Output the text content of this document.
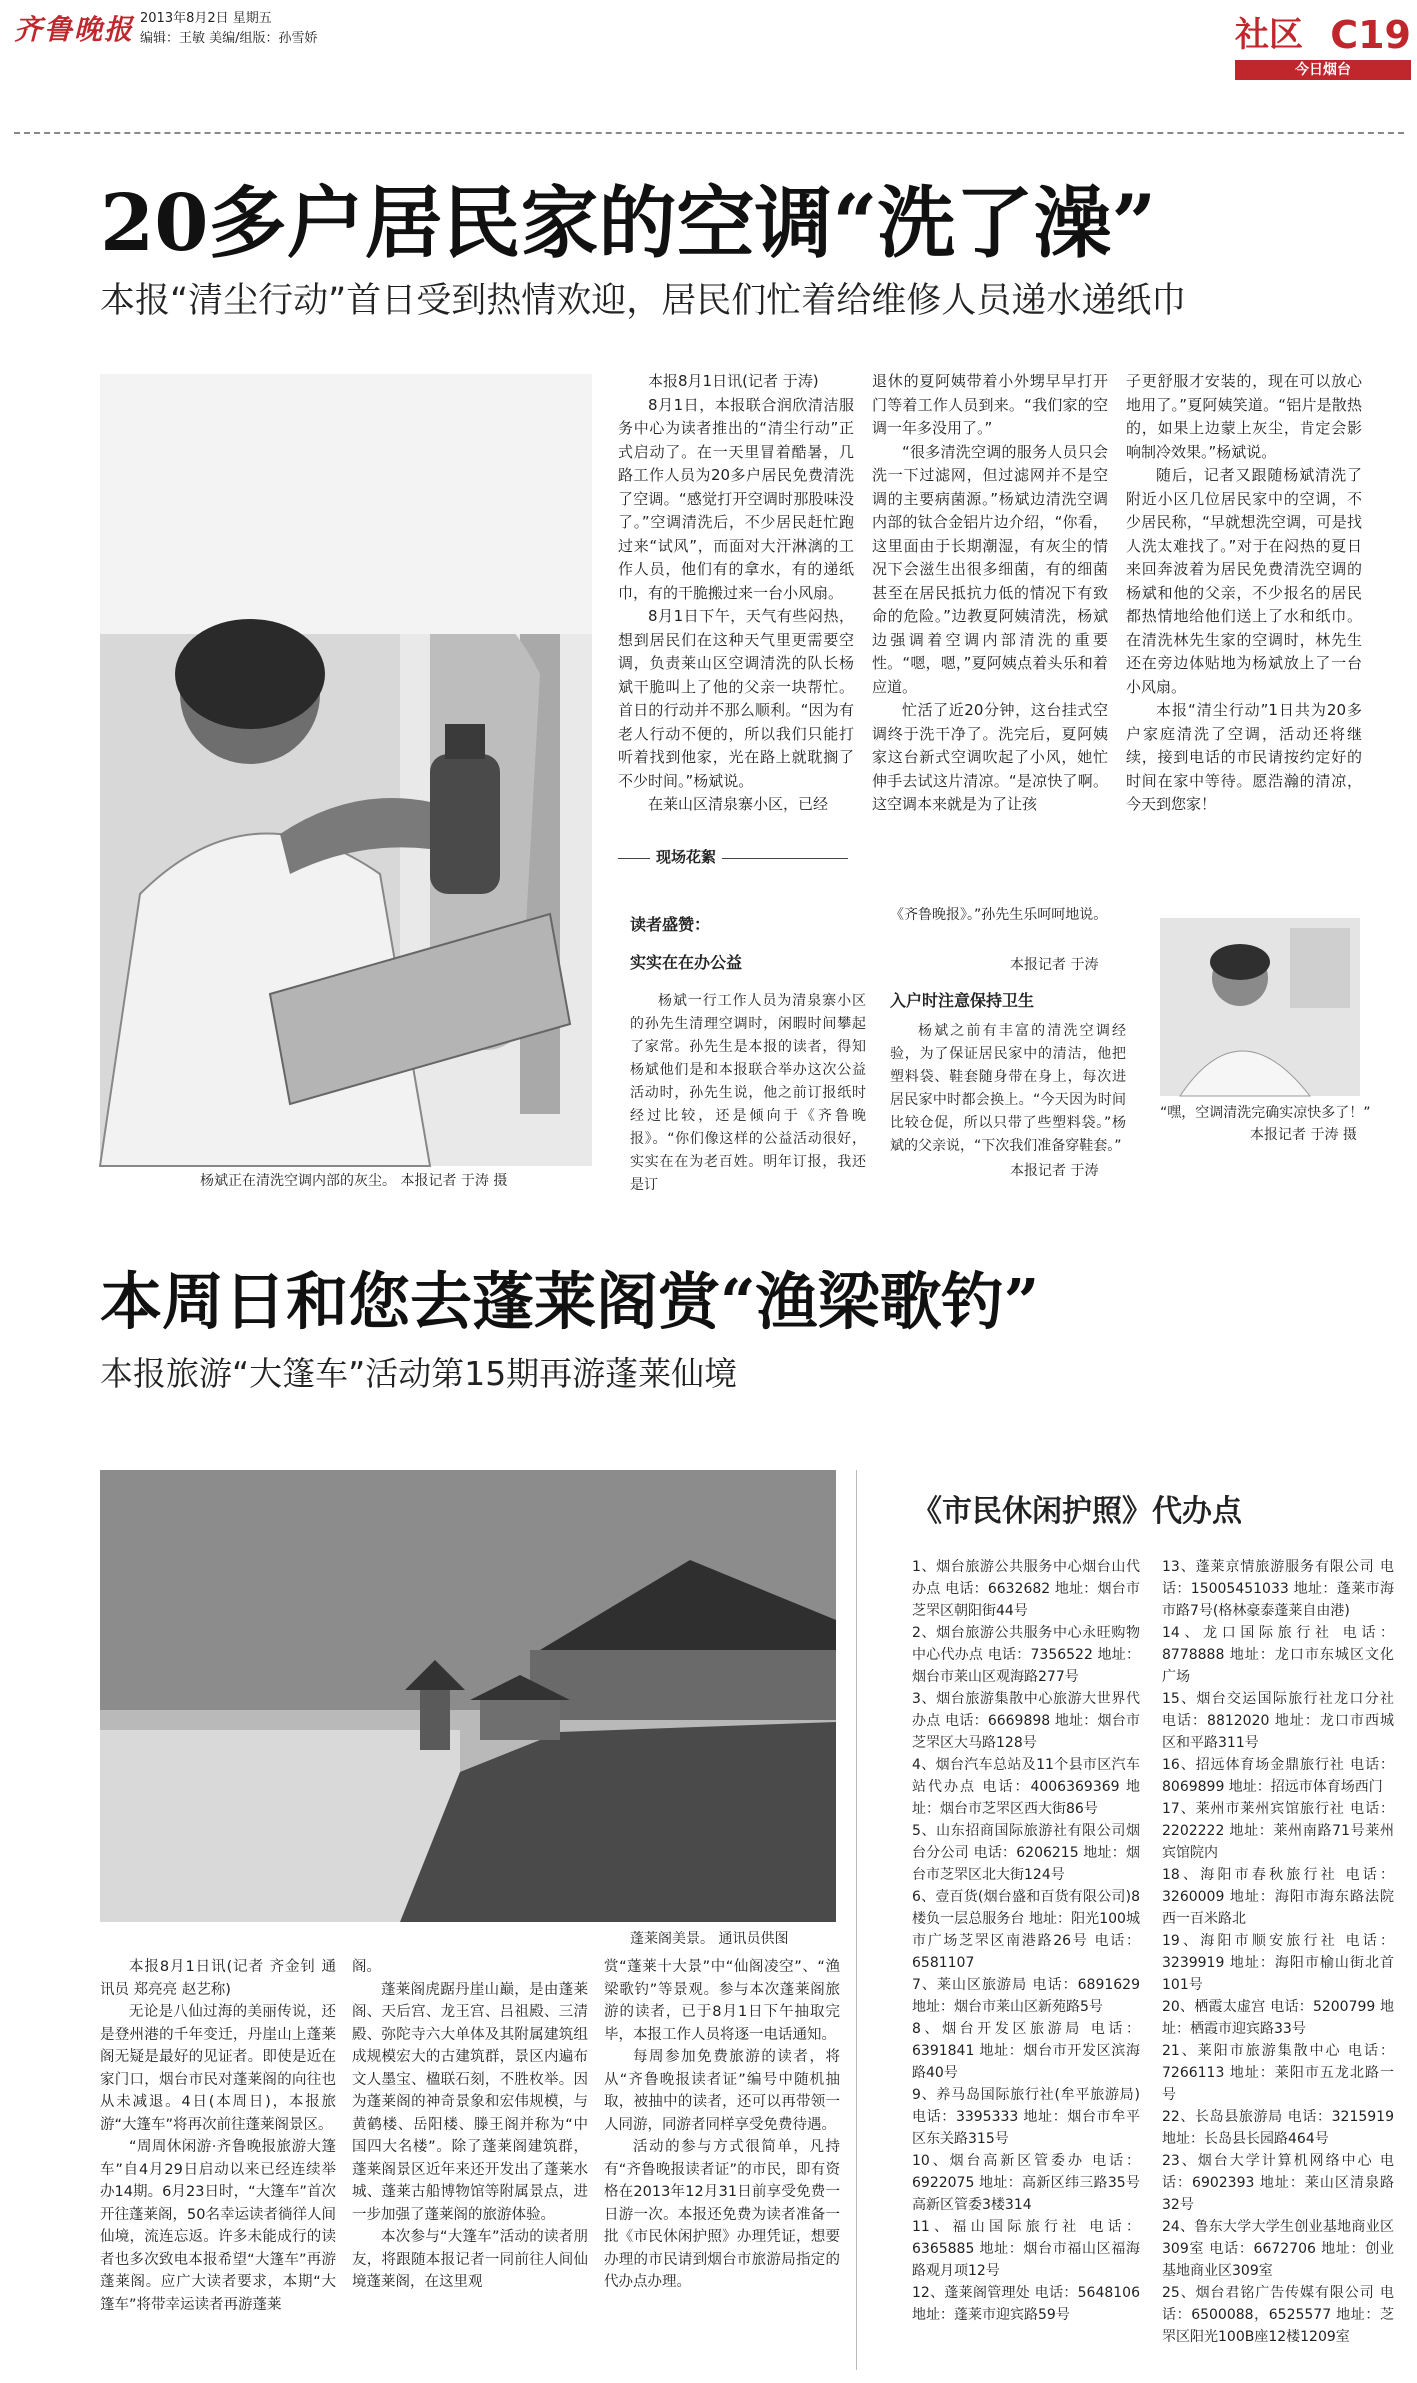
齐鲁晚报 2013年8月2日 星期五
编辑：王敏 美编/组版：孙雪娇	社区 C19
今日烟台
20多户居民家的空调“洗了澡”
本报“清尘行动”首日受到热情欢迎，居民们忙着给维修人员递水递纸巾
杨斌正在清洗空调内部的灰尘。 本报记者 于涛 摄

本报8月1日讯(记者 于涛)

8月1日，本报联合润欣清洁服务中心为读者推出的“清尘行动”正式启动了。在一天里冒着酷暑，几路工作人员为20多户居民免费清洗了空调。“感觉打开空调时那股味没了。”空调清洗后，不少居民赶忙跑过来“试风”，而面对大汗淋漓的工作人员，他们有的拿水，有的递纸巾，有的干脆搬过来一台小风扇。

8月1日下午，天气有些闷热，想到居民们在这种天气里更需要空调，负责莱山区空调清洗的队长杨斌干脆叫上了他的父亲一块帮忙。首日的行动并不那么顺利。“因为有老人行动不便的，所以我们只能打听着找到他家，光在路上就耽搁了不少时间。”杨斌说。

在莱山区清泉寨小区，已经

退休的夏阿姨带着小外甥早早打开门等着工作人员到来。“我们家的空调一年多没用了。”

“很多清洗空调的服务人员只会洗一下过滤网，但过滤网并不是空调的主要病菌源。”杨斌边清洗空调内部的钛合金铝片边介绍，“你看，这里面由于长期潮湿，有灰尘的情况下会滋生出很多细菌，有的细菌甚至在居民抵抗力低的情况下有致命的危险。”边教夏阿姨清洗，杨斌边强调着空调内部清洗的重要性。“嗯，嗯，”夏阿姨点着头乐和着应道。

忙活了近20分钟，这台挂式空调终于洗干净了。洗完后，夏阿姨家这台新式空调吹起了小风，她忙伸手去试这片清凉。“是凉快了啊。这空调本来就是为了让孩

子更舒服才安装的，现在可以放心地用了。”夏阿姨笑道。“铝片是散热的，如果上边蒙上灰尘，肯定会影响制冷效果。”杨斌说。

随后，记者又跟随杨斌清洗了附近小区几位居民家中的空调，不少居民称，“早就想洗空调，可是找人洗太难找了。”对于在闷热的夏日来回奔波着为居民免费清洗空调的杨斌和他的父亲，不少报名的居民都热情地给他们送上了水和纸巾。在清洗林先生家的空调时，林先生还在旁边体贴地为杨斌放上了一台小风扇。

本报“清尘行动”1日共为20多户家庭清洗了空调，活动还将继续，接到电话的市民请按约定好的时间在家中等待。愿浩瀚的清凉，今天到您家！

现场花絮
读者盛赞：
实实在在办公益

杨斌一行工作人员为清泉寨小区的孙先生清理空调时，闲暇时间攀起了家常。孙先生是本报的读者，得知杨斌他们是和本报联合举办这次公益活动时，孙先生说，他之前订报纸时经过比较，还是倾向于《齐鲁晚报》。“你们像这样的公益活动很好，实实在在为老百姓。明年订报，我还是订

《齐鲁晚报》。”孙先生乐呵呵地说。

本报记者 于涛
入户时注意保持卫生

杨斌之前有丰富的清洗空调经验，为了保证居民家中的清洁，他把塑料袋、鞋套随身带在身上，每次进居民家中时都会换上。“今天因为时间比较仓促，所以只带了些塑料袋。”杨斌的父亲说，“下次我们准备穿鞋套。”

本报记者 于涛
“嘿，空调清洗完确实凉快多了！”
本报记者 于涛 摄
本周日和您去蓬莱阁赏“渔梁歌钓”
本报旅游“大篷车”活动第15期再游蓬莱仙境
蓬莱阁美景。 通讯员供图

本报8月1日讯(记者 齐金钊 通讯员 郑亮亮 赵艺称)

无论是八仙过海的美丽传说，还是登州港的千年变迁，丹崖山上蓬莱阁无疑是最好的见证者。即使是近在家门口，烟台市民对蓬莱阁的向往也从未减退。4日(本周日)，本报旅游“大篷车”将再次前往蓬莱阁景区。

“周周休闲游·齐鲁晚报旅游大篷车”自4月29日启动以来已经连续举办14期。6月23日时，“大篷车”首次开往蓬莱阁，50名幸运读者徜徉人间仙境，流连忘返。许多未能成行的读者也多次致电本报希望“大篷车”再游蓬莱阁。应广大读者要求，本期“大篷车”将带幸运读者再游蓬莱

阁。

蓬莱阁虎踞丹崖山巅，是由蓬莱阁、天后宫、龙王宫、吕祖殿、三清殿、弥陀寺六大单体及其附属建筑组成规模宏大的古建筑群，景区内遍布文人墨宝、楹联石刻，不胜枚举。因为蓬莱阁的神奇景象和宏伟规模，与黄鹤楼、岳阳楼、滕王阁并称为“中国四大名楼”。除了蓬莱阁建筑群，蓬莱阁景区近年来还开发出了蓬莱水城、蓬莱古船博物馆等附属景点，进一步加强了蓬莱阁的旅游体验。

本次参与“大篷车”活动的读者朋友，将跟随本报记者一同前往人间仙境蓬莱阁，在这里观

赏“蓬莱十大景”中“仙阁凌空”、“渔梁歌钓”等景观。参与本次蓬莱阁旅游的读者，已于8月1日下午抽取完毕，本报工作人员将逐一电话通知。

每周参加免费旅游的读者，将从“齐鲁晚报读者证”编号中随机抽取，被抽中的读者，还可以再带领一人同游，同游者同样享受免费待遇。

活动的参与方式很简单，凡持有“齐鲁晚报读者证”的市民，即有资格在2013年12月31日前享受免费一日游一次。本报还免费为读者准备一批《市民休闲护照》办理凭证，想要办理的市民请到烟台市旅游局指定的代办点办理。

《市民休闲护照》代办点
1、烟台旅游公共服务中心烟台山代办点 电话：6632682 地址：烟台市芝罘区朝阳街44号
2、烟台旅游公共服务中心永旺购物中心代办点 电话：7356522 地址：烟台市莱山区观海路277号
3、烟台旅游集散中心旅游大世界代办点 电话：6669898 地址：烟台市芝罘区大马路128号
4、烟台汽车总站及11个县市区汽车站代办点 电话：4006369369 地址：烟台市芝罘区西大街86号
5、山东招商国际旅游社有限公司烟台分公司 电话：6206215 地址：烟台市芝罘区北大街124号
6、壹百货(烟台盛和百货有限公司)8楼负一层总服务台 地址：阳光100城市广场芝罘区南港路26号 电话：6581107
7、莱山区旅游局 电话：6891629 地址：烟台市莱山区新苑路5号
8、烟台开发区旅游局 电话：6391841 地址：烟台市开发区滨海路40号
9、养马岛国际旅行社(牟平旅游局) 电话：3395333 地址：烟台市牟平区东关路315号
10、烟台高新区管委办 电话：6922075 地址：高新区纬三路35号高新区管委3楼314
11、福山国际旅行社 电话：6365885 地址：烟台市福山区福海路观月项12号
12、蓬莱阁管理处 电话：5648106 地址：蓬莱市迎宾路59号
13、蓬莱京情旅游服务有限公司 电话：15005451033 地址：蓬莱市海市路7号(格林豪泰蓬莱自由港)
14、龙口国际旅行社 电话：8778888 地址：龙口市东城区文化广场
15、烟台交运国际旅行社龙口分社 电话：8812020 地址：龙口市西城区和平路311号
16、招远体育场金鼎旅行社 电话：8069899 地址：招远市体育场西门
17、莱州市莱州宾馆旅行社 电话：2202222 地址：莱州南路71号莱州宾馆院内
18、海阳市春秋旅行社 电话：3260009 地址：海阳市海东路法院西一百米路北
19、海阳市顺安旅行社 电话：3239919 地址：海阳市榆山街北首101号
20、栖霞太虚宫 电话：5200799 地址：栖霞市迎宾路33号
21、莱阳市旅游集散中心 电话：7266113 地址：莱阳市五龙北路一号
22、长岛县旅游局 电话：3215919 地址：长岛县长园路464号
23、烟台大学计算机网络中心 电话：6902393 地址：莱山区清泉路32号
24、鲁东大学大学生创业基地商业区309室 电话：6672706 地址：创业基地商业区309室
25、烟台君铭广告传媒有限公司 电话：6500088，6525577 地址：芝罘区阳光100B座12楼1209室
